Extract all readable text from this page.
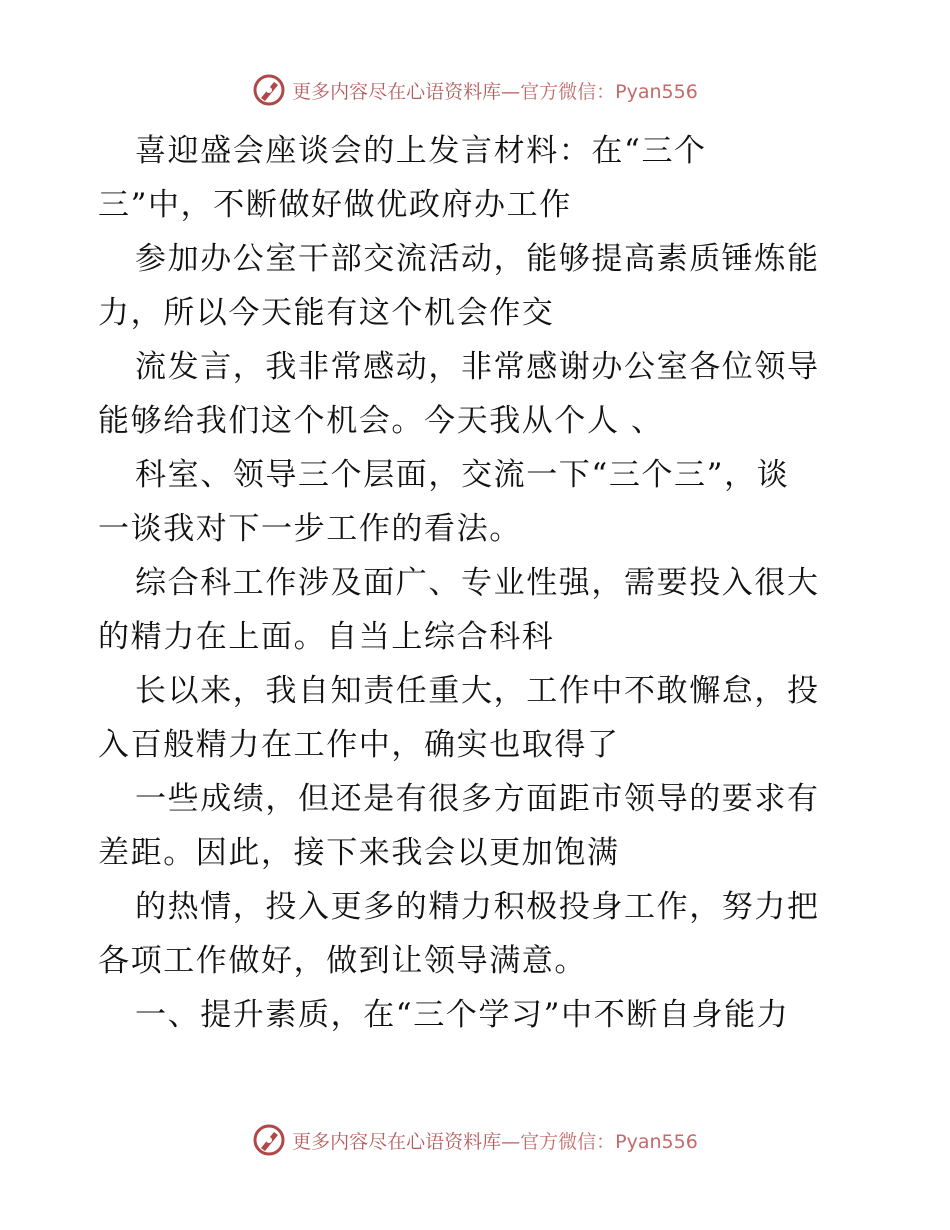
更多内容尽在心语资料库— 官方微信：Pyan556
喜迎盛会座谈会的上发言材料：在“三个
三”中，不断做好做优政府办工作
参加办公室干部交流活动，能够提高素质锤炼能
力，所以今天能有这个机会作交
流发言，我非常感动，非常感谢办公室各位领导
能够给我们这个机会。今天我从个人 、
科室、领导三个层面，交流一下“三个三”，谈
一谈我对下一步工作的看法。
综合科工作涉及面广、专业性强，需要投入很大
的精力在上面。自当上综合科科
长以来，我自知责任重大，工作中不敢懈怠，投
入百般精力在工作中，确实也取得了
一些成绩，但还是有很多方面距市领导的要求有
差距。因此，接下来我会以更加饱满
的热情，投入更多的精力积极投身工作，努力把
各项工作做好，做到让领导满意。
一、提升素质，在“三个学习”中不断自身能力
更多内容尽在心语资料库— 官方微信：Pyan556
